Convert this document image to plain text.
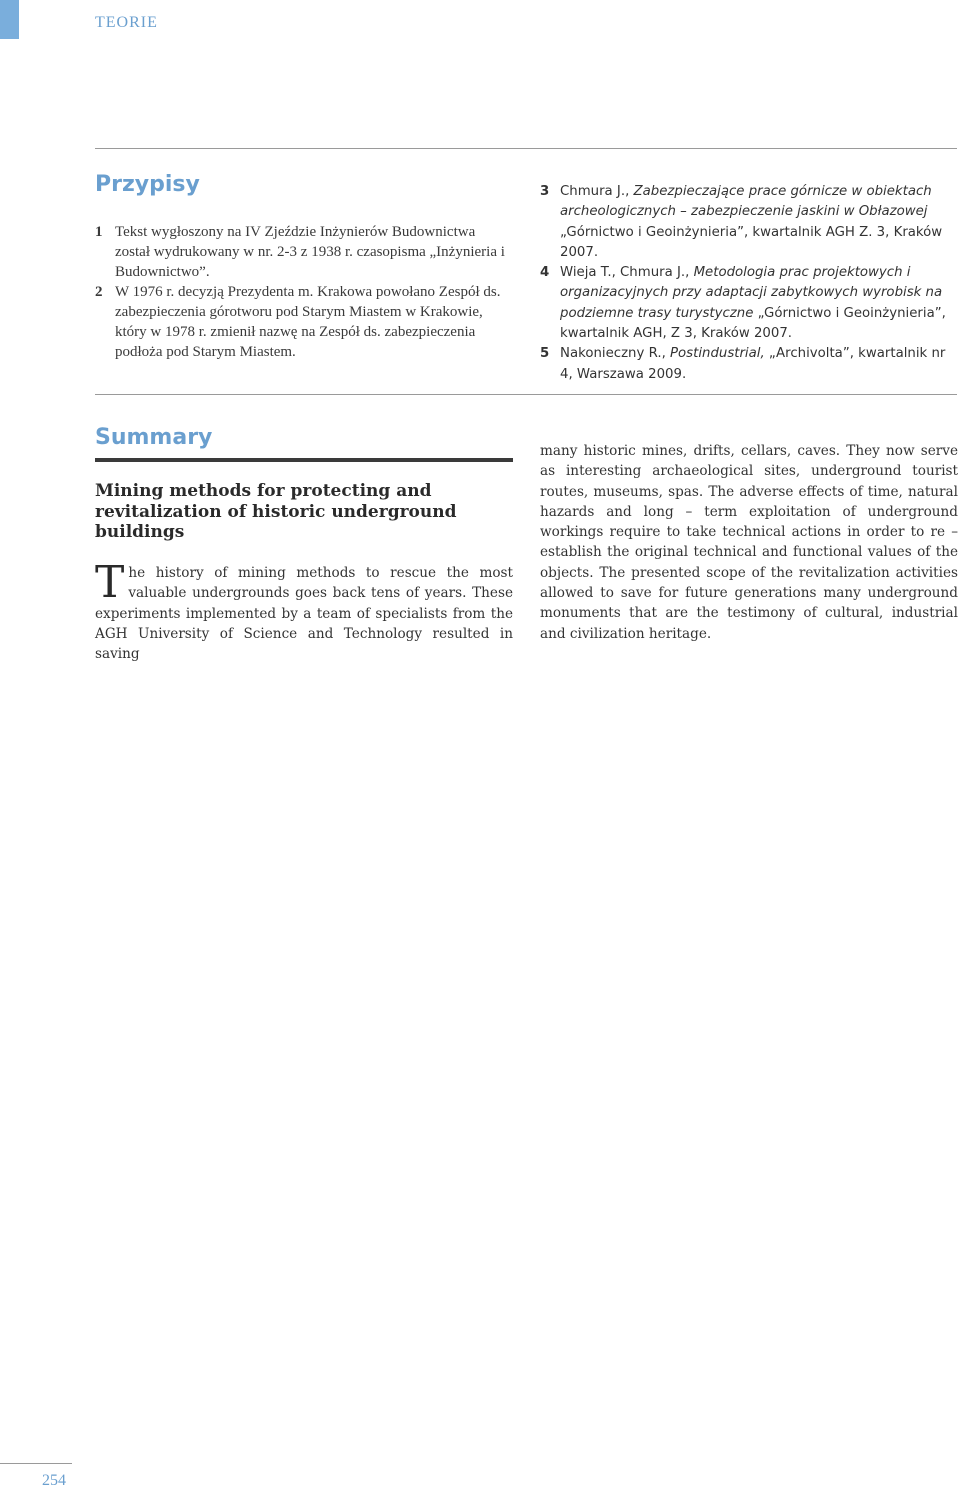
TEORIE
Przypisy
1 Tekst wygłoszony na IV Zjeździe Inżynierów Budownictwa został wydrukowany w nr. 2-3 z 1938 r. czasopisma „Inżynieria i Budownictwo”.
2 W 1976 r. decyzją Prezydenta m. Krakowa powołano Zespół ds. zabezpieczenia górotworu pod Starym Miastem w Krakowie, który w 1978 r. zmienił nazwę na Zespół ds. zabezpieczenia podłoża pod Starym Miastem.
3 Chmura J., Zabezpieczające prace górnicze w obiektach archeologicznych – zabezpieczenie jaskini w Obłazowej „Górnictwo i Geoinżynieria”, kwartalnik AGH Z. 3, Kraków 2007.
4 Wieja T., Chmura J., Metodologia prac projektowych i organizacyjnych przy adaptacji zabytkowych wyrobisk na podziemne trasy turystyczne „Górnictwo i Geoinżynieria”, kwartalnik AGH, Z 3, Kraków 2007.
5 Nakonieczny R., Postindustrial, „Archivolta”, kwartalnik nr 4, Warszawa 2009.
Summary
Mining methods for protecting and revitalization of historic underground buildings

The history of mining methods to rescue the most valuable undergrounds goes back tens of years. These experiments implemented by a team of specialists from the AGH University of Science and Technology resulted in saving

many historic mines, drifts, cellars, caves. They now serve as interesting archaeological sites, underground tourist routes, museums, spas. The adverse effects of time, natural hazards and long – term exploitation of underground workings require to take technical actions in order to re – establish the original technical and functional values of the objects. The presented scope of the revitalization activities allowed to save for future generations many underground monuments that are the testimony of cultural, industrial and civilization heritage.

254
